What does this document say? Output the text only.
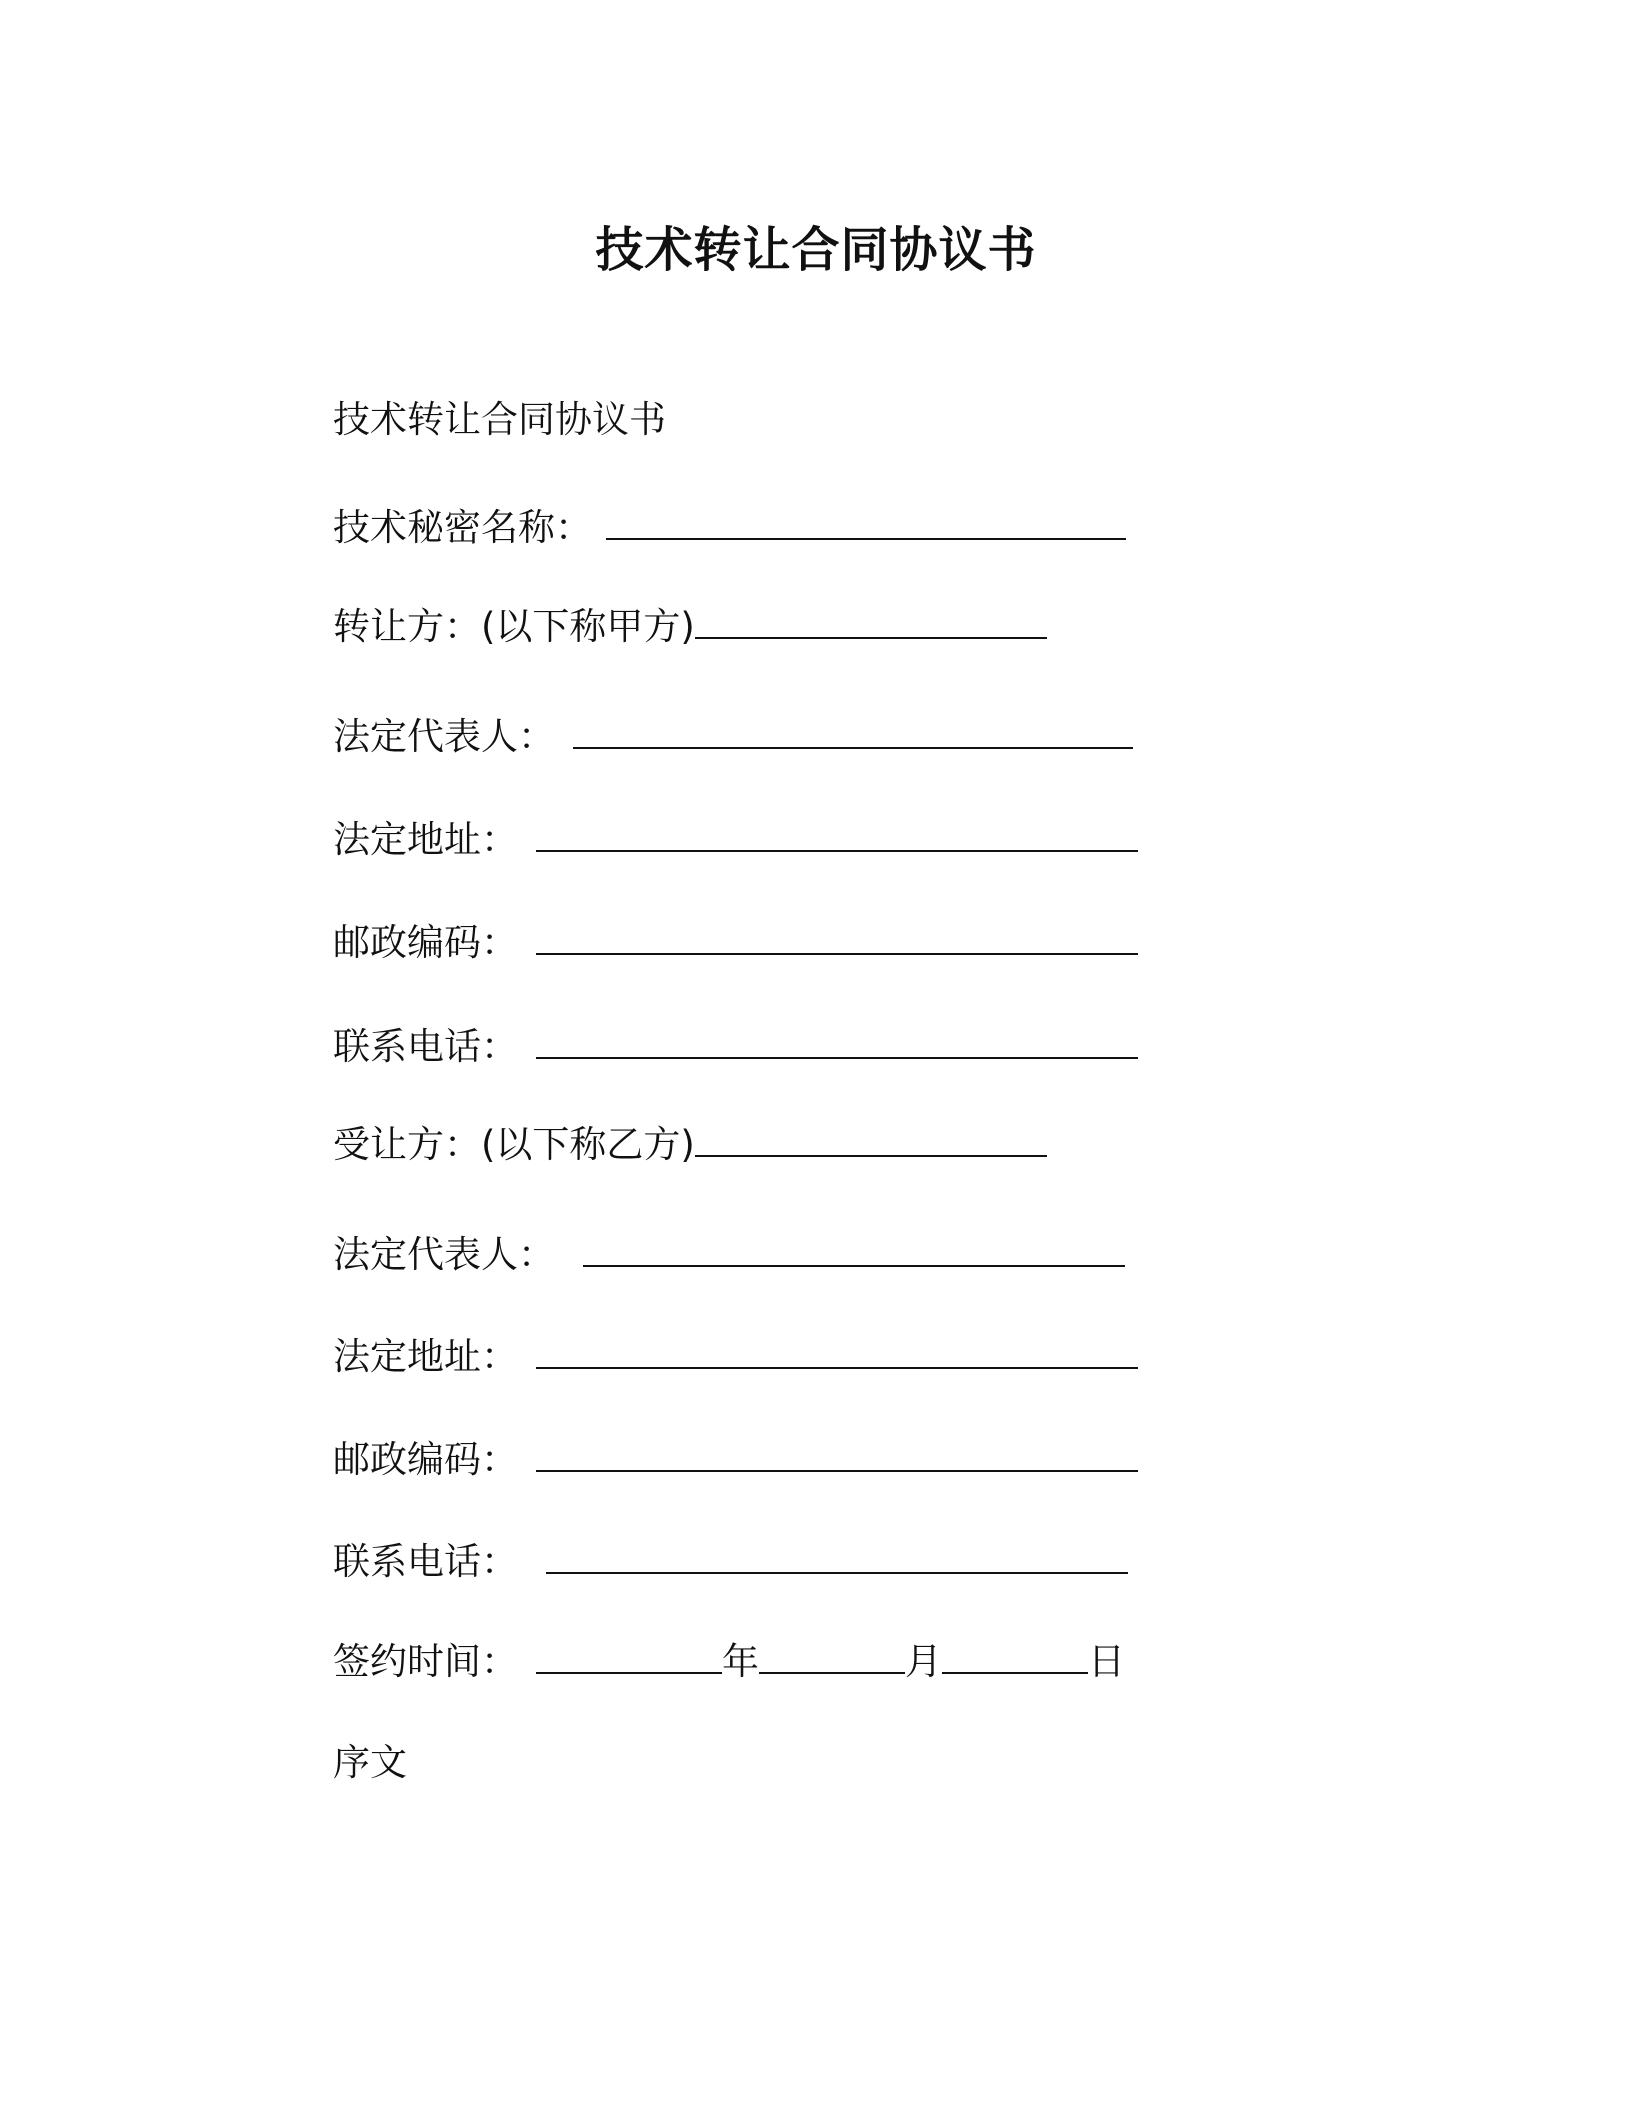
技术转让合同协议书
技术转让合同协议书
技术秘密名称：
转让方：(以下称甲方)
法定代表人：
法定地址：
邮政编码：
联系电话：
受让方：(以下称乙方)
法定代表人：
法定地址：
邮政编码：
联系电话：
签约时间：	年	月	日
序文
